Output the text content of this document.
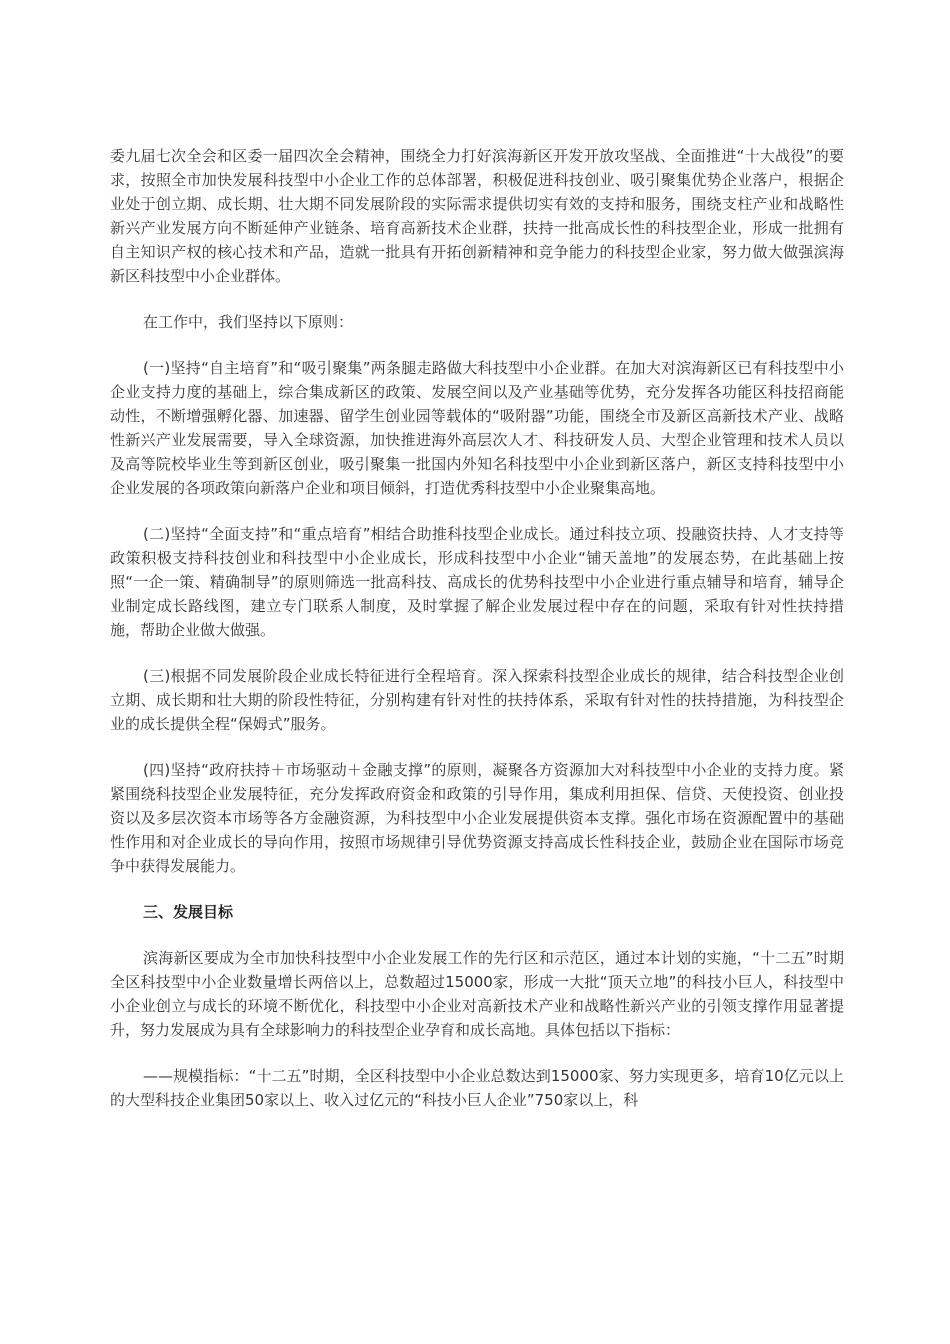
委九届七次全会和区委一届四次全会精神，围绕全力打好滨海新区开发开放攻坚战、全面推进“十大战役”的要求，按照全市加快发展科技型中小企业工作的总体部署，积极促进科技创业、吸引聚集优势企业落户，根据企业处于创立期、成长期、壮大期不同发展阶段的实际需求提供切实有效的支持和服务，围绕支柱产业和战略性新兴产业发展方向不断延伸产业链条、培育高新技术企业群，扶持一批高成长性的科技型企业，形成一批拥有自主知识产权的核心技术和产品，造就一批具有开拓创新精神和竞争能力的科技型企业家，努力做大做强滨海新区科技型中小企业群体。

在工作中，我们坚持以下原则：

(一)坚持“自主培育”和“吸引聚集”两条腿走路做大科技型中小企业群。在加大对滨海新区已有科技型中小企业支持力度的基础上，综合集成新区的政策、发展空间以及产业基础等优势，充分发挥各功能区科技招商能动性，不断增强孵化器、加速器、留学生创业园等载体的“吸附器”功能，围绕全市及新区高新技术产业、战略性新兴产业发展需要，导入全球资源，加快推进海外高层次人才、科技研发人员、大型企业管理和技术人员以及高等院校毕业生等到新区创业，吸引聚集一批国内外知名科技型中小企业到新区落户，新区支持科技型中小企业发展的各项政策向新落户企业和项目倾斜，打造优秀科技型中小企业聚集高地。

(二)坚持“全面支持”和“重点培育”相结合助推科技型企业成长。通过科技立项、投融资扶持、人才支持等政策积极支持科技创业和科技型中小企业成长，形成科技型中小企业“铺天盖地”的发展态势，在此基础上按照“一企一策、精确制导”的原则筛选一批高科技、高成长的优势科技型中小企业进行重点辅导和培育，辅导企业制定成长路线图，建立专门联系人制度，及时掌握了解企业发展过程中存在的问题，采取有针对性扶持措施，帮助企业做大做强。

(三)根据不同发展阶段企业成长特征进行全程培育。深入探索科技型企业成长的规律，结合科技型企业创立期、成长期和壮大期的阶段性特征，分别构建有针对性的扶持体系，采取有针对性的扶持措施，为科技型企业的成长提供全程“保姆式”服务。

(四)坚持“政府扶持＋市场驱动＋金融支撑”的原则，凝聚各方资源加大对科技型中小企业的支持力度。紧紧围绕科技型企业发展特征，充分发挥政府资金和政策的引导作用，集成利用担保、信贷、天使投资、创业投资以及多层次资本市场等各方金融资源，为科技型中小企业发展提供资本支撑。强化市场在资源配置中的基础性作用和对企业成长的导向作用，按照市场规律引导优势资源支持高成长性科技企业，鼓励企业在国际市场竞争中获得发展能力。

三、发展目标

滨海新区要成为全市加快科技型中小企业发展工作的先行区和示范区，通过本计划的实施，“十二五”时期全区科技型中小企业数量增长两倍以上，总数超过15000家，形成一大批“顶天立地”的科技小巨人，科技型中小企业创立与成长的环境不断优化，科技型中小企业对高新技术产业和战略性新兴产业的引领支撑作用显著提升，努力发展成为具有全球影响力的科技型企业孕育和成长高地。具体包括以下指标：

——规模指标：“十二五”时期，全区科技型中小企业总数达到15000家、努力实现更多，培育10亿元以上的大型科技企业集团50家以上、收入过亿元的“科技小巨人企业”750家以上，科
